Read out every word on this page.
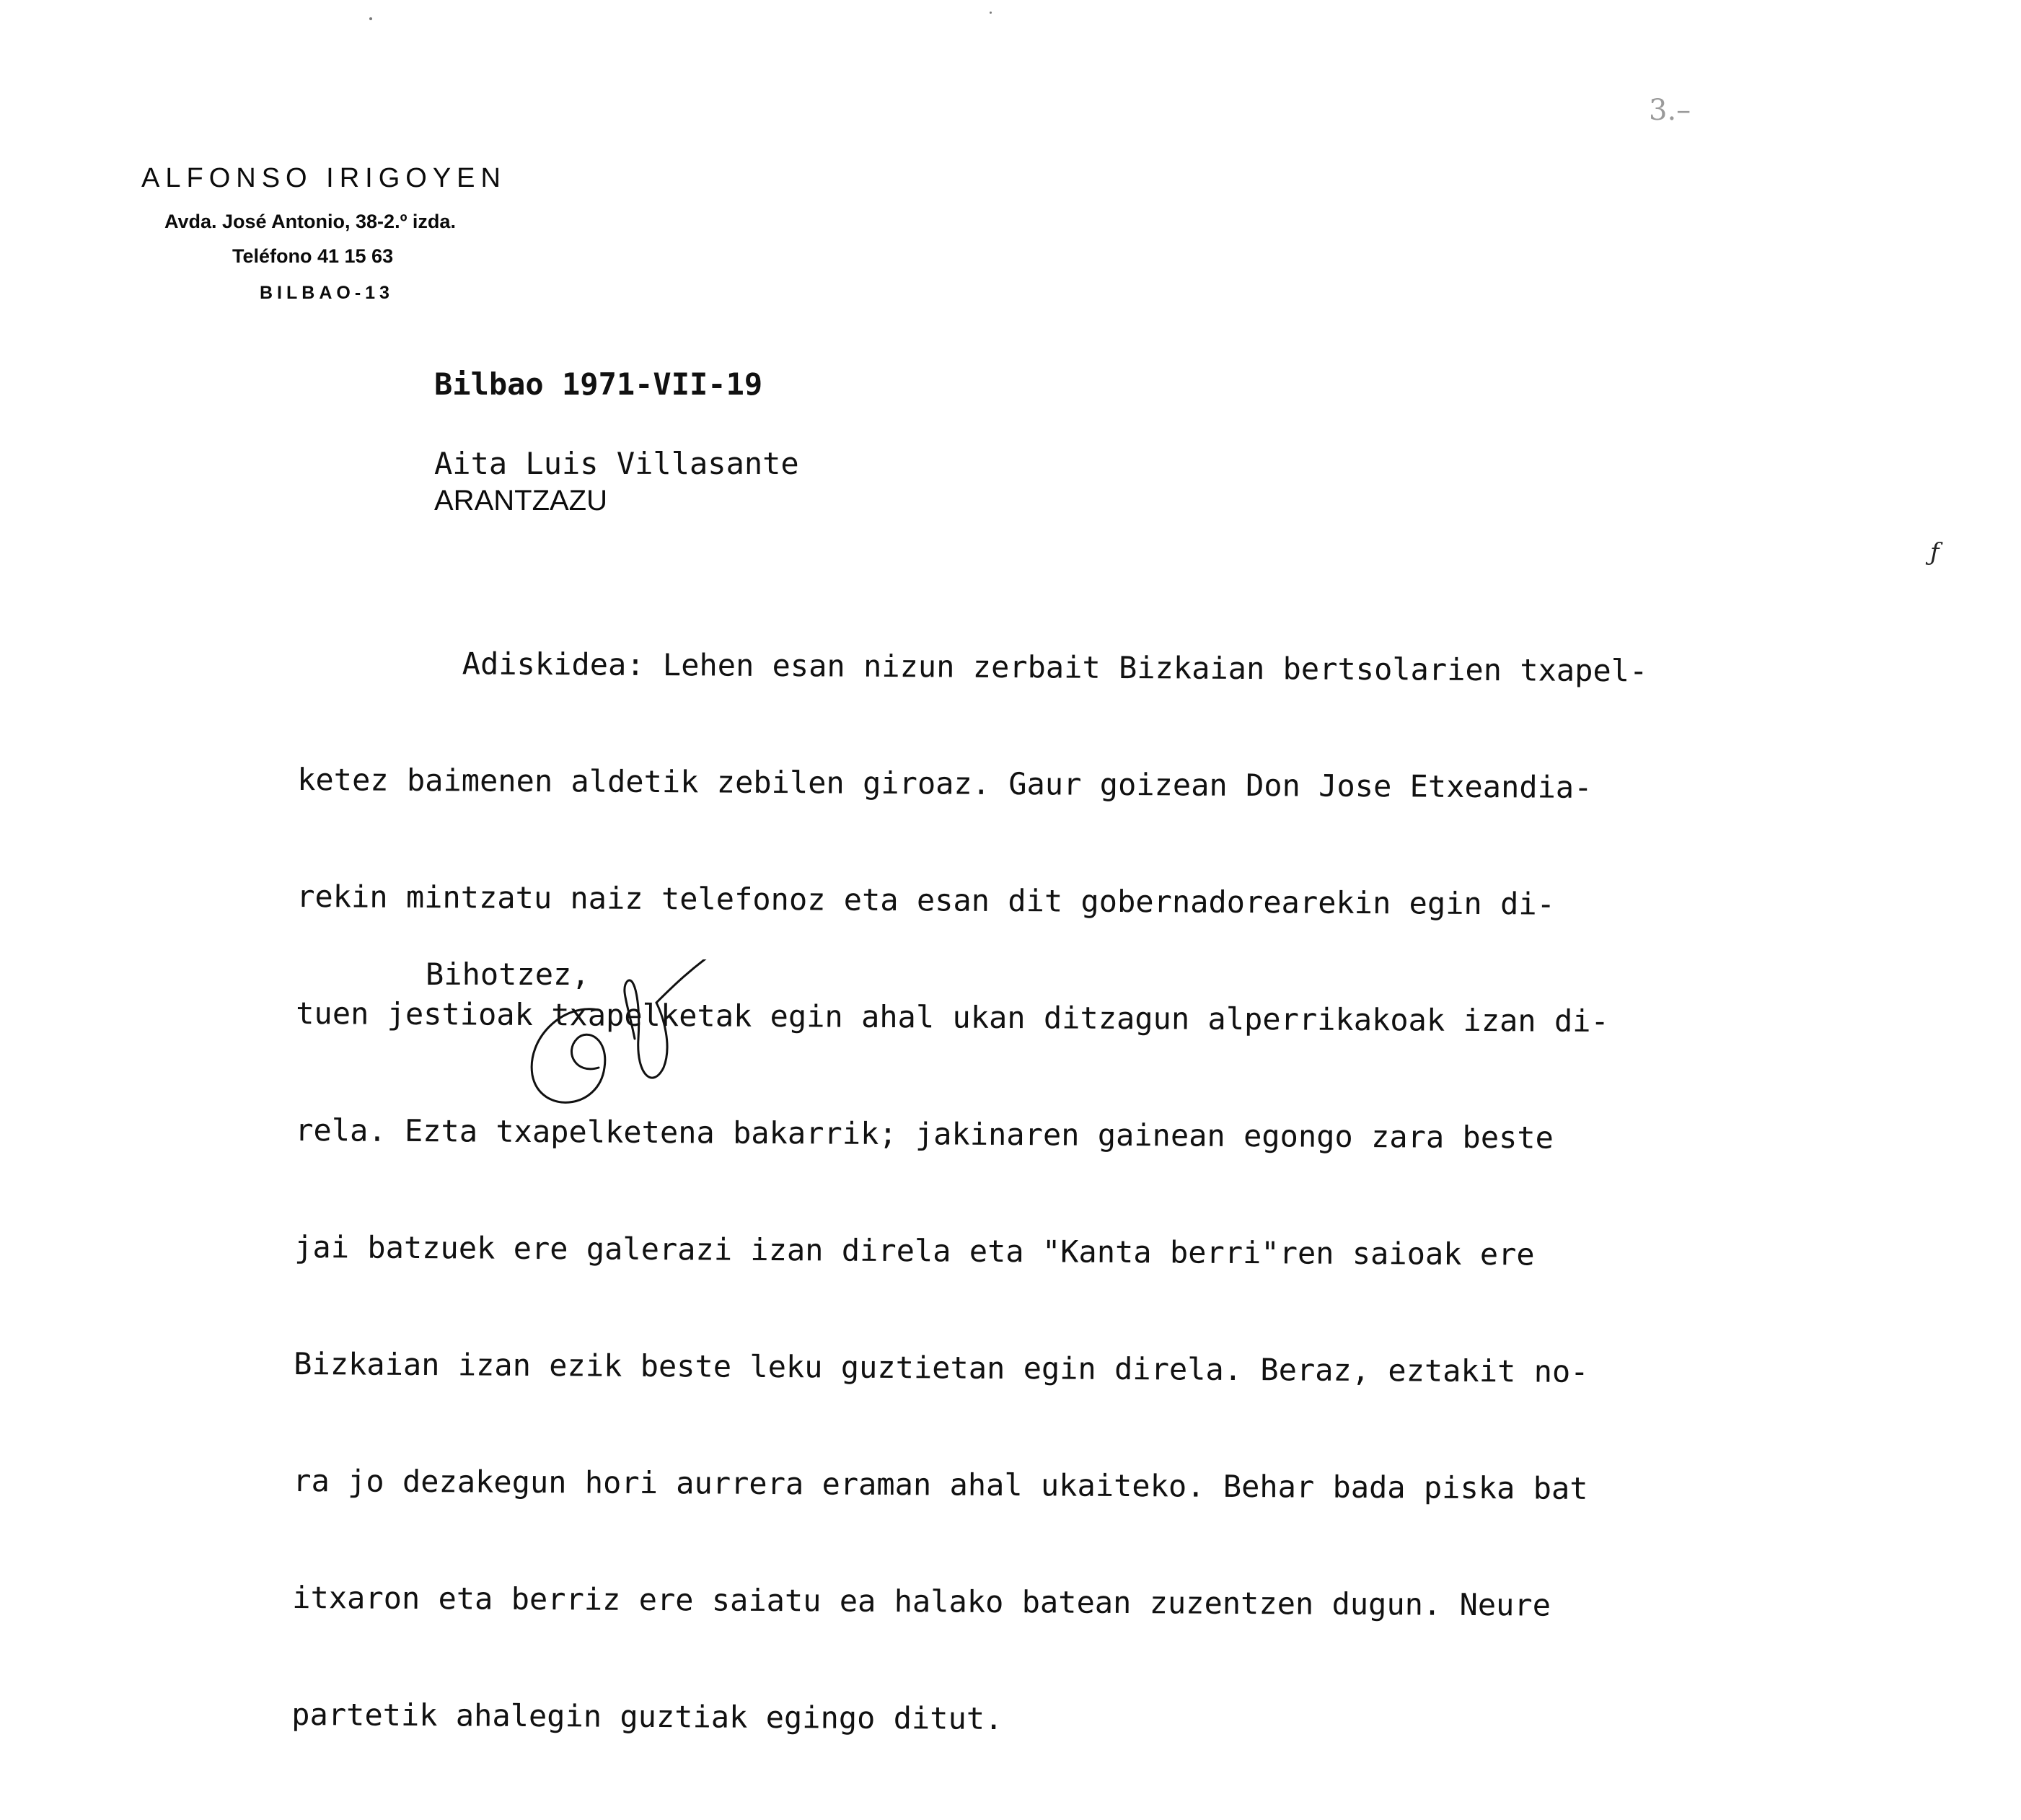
3.–
ALFONSO IRIGOYEN
Avda. José Antonio, 38-2.º izda.
Teléfono 41 15 63
BILBAO-13
Bilbao 1971-VII-19
Aita Luis Villasante
ARANTZAZU
ƒ

Adiskidea: Lehen esan nizun zerbait Bizkaian bertsolarien txapel-

ketez baimenen aldetik zebilen giroaz. Gaur goizean Don Jose Etxeandia-

rekin mintzatu naiz telefonoz eta esan dit gobernadorearekin egin di-

tuen jestioak txapelketak egin ahal ukan ditzagun alperrikakoak izan di-

rela. Ezta txapelketena bakarrik; jakinaren gainean egongo zara beste

jai batzuek ere galerazi izan direla eta "Kanta berri"ren saioak ere

Bizkaian izan ezik beste leku guztietan egin direla. Beraz, eztakit no-

ra jo dezakegun hori aurrera eraman ahal ukaiteko. Behar bada piska bat

itxaron eta berriz ere saiatu ea halako batean zuzentzen dugun. Neure

partetik ahalegin guztiak egingo ditut.

Bihotzez,
